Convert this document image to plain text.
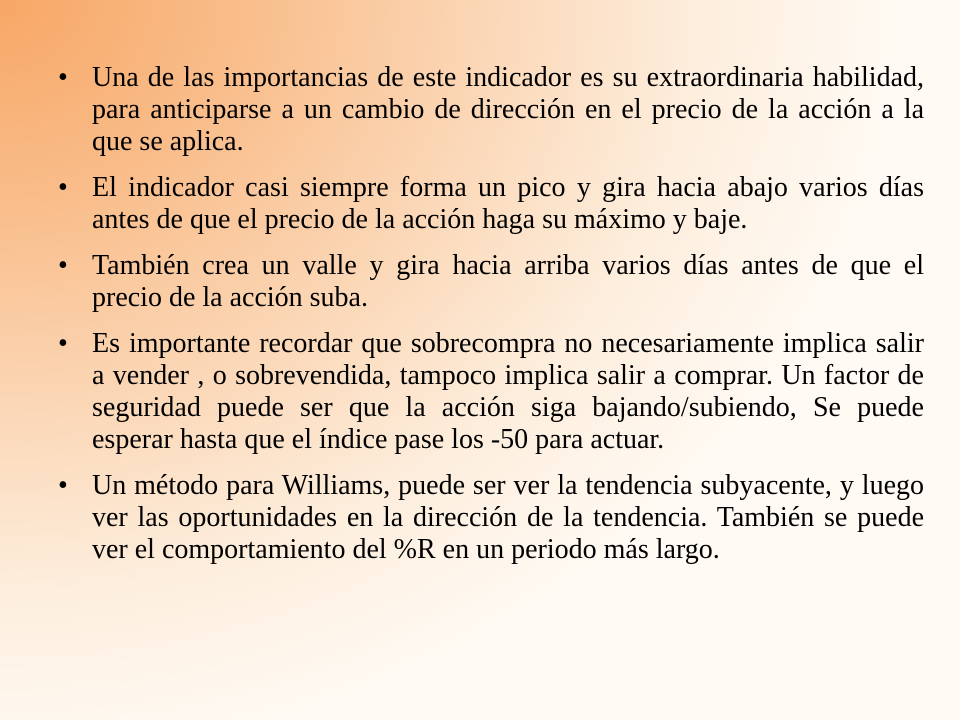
• Una de las importancias de este indicador es su extraordinaria habilidad, para anticiparse a un cambio de dirección en el precio de la acción a la que se aplica.
• El indicador casi siempre forma un pico y gira hacia abajo varios días antes de que el precio de la acción haga su máximo y baje.
• También crea un valle y gira hacia arriba varios días antes de que el precio de la acción suba.
• Es importante recordar que sobrecompra no necesariamente implica salir a vender , o sobrevendida, tampoco implica salir a comprar. Un factor de seguridad puede ser que la acción siga bajando/subiendo, Se puede esperar hasta que el índice pase los -50 para actuar.
• Un método para Williams, puede ser ver la tendencia subyacente, y luego ver las oportunidades en la dirección de la tendencia. También se puede ver el comportamiento del %R en un periodo más largo.
